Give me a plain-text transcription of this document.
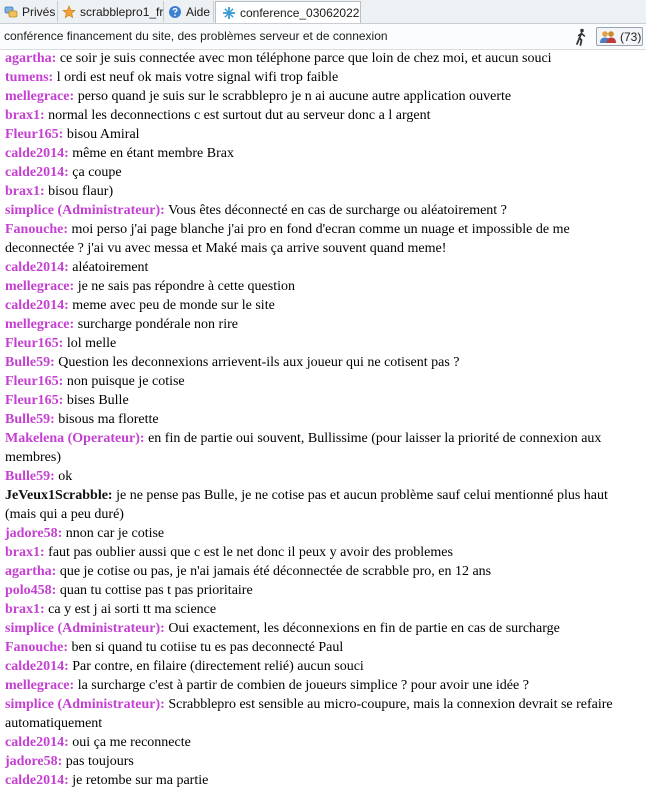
Privés scrabblepro1_fr Aide conference_03062022
conférence financement du site, des problèmes serveur et de connexion	(73)
agartha: ce soir je suis connectée avec mon téléphone parce que loin de chez moi, et aucun souci
tumens: l ordi est neuf ok mais votre signal wifi trop faible
mellegrace: perso quand je suis sur le scrabblepro je n ai aucune autre application ouverte
brax1: normal les deconnections c est surtout dut au serveur donc a l argent
Fleur165: bisou Amiral
calde2014: même en étant membre Brax
calde2014: ça coupe
brax1: bisou flaur)
simplice (Administrateur): Vous êtes déconnecté en cas de surcharge ou aléatoirement ?
Fanouche: moi perso j'ai page blanche j'ai pro en fond d'ecran comme un nuage et impossible de me deconnectée ? j'ai vu avec messa et Maké mais ça arrive souvent quand meme!
calde2014: aléatoirement
mellegrace: je ne sais pas répondre à cette question
calde2014: meme avec peu de monde sur le site
mellegrace: surcharge pondérale non rire
Fleur165: lol melle
Bulle59: Question les deconnexions arrievent-ils aux joueur qui ne cotisent pas ?
Fleur165: non puisque je cotise
Fleur165: bises Bulle
Bulle59: bisous ma florette
Makelena (Operateur): en fin de partie oui souvent, Bullissime (pour laisser la priorité de connexion aux membres)
Bulle59: ok
JeVeux1Scrabble: je ne pense pas Bulle, je ne cotise pas et aucun problème sauf celui mentionné plus haut (mais qui a peu duré)
jadore58: nnon car je cotise
brax1: faut pas oublier aussi que c est le net donc il peux y avoir des problemes
agartha: que je cotise ou pas, je n'ai jamais été déconnectée de scrabble pro, en 12 ans
polo458: quan tu cottise pas t pas prioritaire
brax1: ca y est j ai sorti tt ma science
simplice (Administrateur): Oui exactement, les déconnexions en fin de partie en cas de surcharge
Fanouche: ben si quand tu cotiise tu es pas deconnecté Paul
calde2014: Par contre, en filaire (directement relié) aucun souci
mellegrace: la surcharge c'est à partir de combien de joueurs simplice ? pour avoir une idée ?
simplice (Administrateur): Scrabblepro est sensible au micro-coupure, mais la connexion devrait se refaire automatiquement
calde2014: oui ça me reconnecte
jadore58: pas toujours
calde2014: je retombe sur ma partie
